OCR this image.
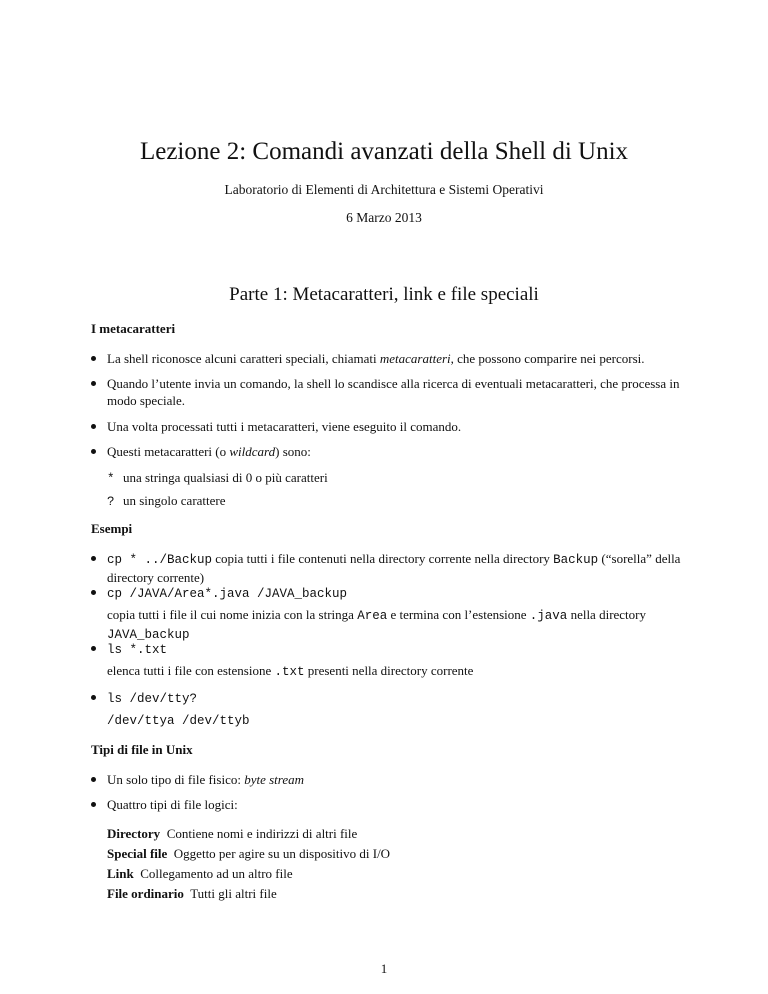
Lezione 2: Comandi avanzati della Shell di Unix
Laboratorio di Elementi di Architettura e Sistemi Operativi
6 Marzo 2013
Parte 1: Metacaratteri, link e file speciali
I metacaratteri
La shell riconosce alcuni caratteri speciali, chiamati metacaratteri, che possono comparire nei percorsi.
Quando l’utente invia un comando, la shell lo scandisce alla ricerca di eventuali metacaratteri, che processa in
modo speciale.
Una volta processati tutti i metacaratteri, viene eseguito il comando.
Questi metacaratteri (o wildcard) sono:
* una stringa qualsiasi di 0 o più caratteri
? un singolo carattere
Esempi
cp * ../Backup copia tutti i file contenuti nella directory corrente nella directory Backup (“sorella” della
directory corrente)
cp /JAVA/Area*.java /JAVA_backup
copia tutti i file il cui nome inizia con la stringa Area e termina con l’estensione .java nella directory
JAVA_backup
ls *.txt
elenca tutti i file con estensione .txt presenti nella directory corrente
ls /dev/tty?
/dev/ttya /dev/ttyb
Tipi di file in Unix
Un solo tipo di file fisico: byte stream
Quattro tipi di file logici:
Directory Contiene nomi e indirizzi di altri file
Special file Oggetto per agire su un dispositivo di I/O
Link Collegamento ad un altro file
File ordinario Tutti gli altri file
1
